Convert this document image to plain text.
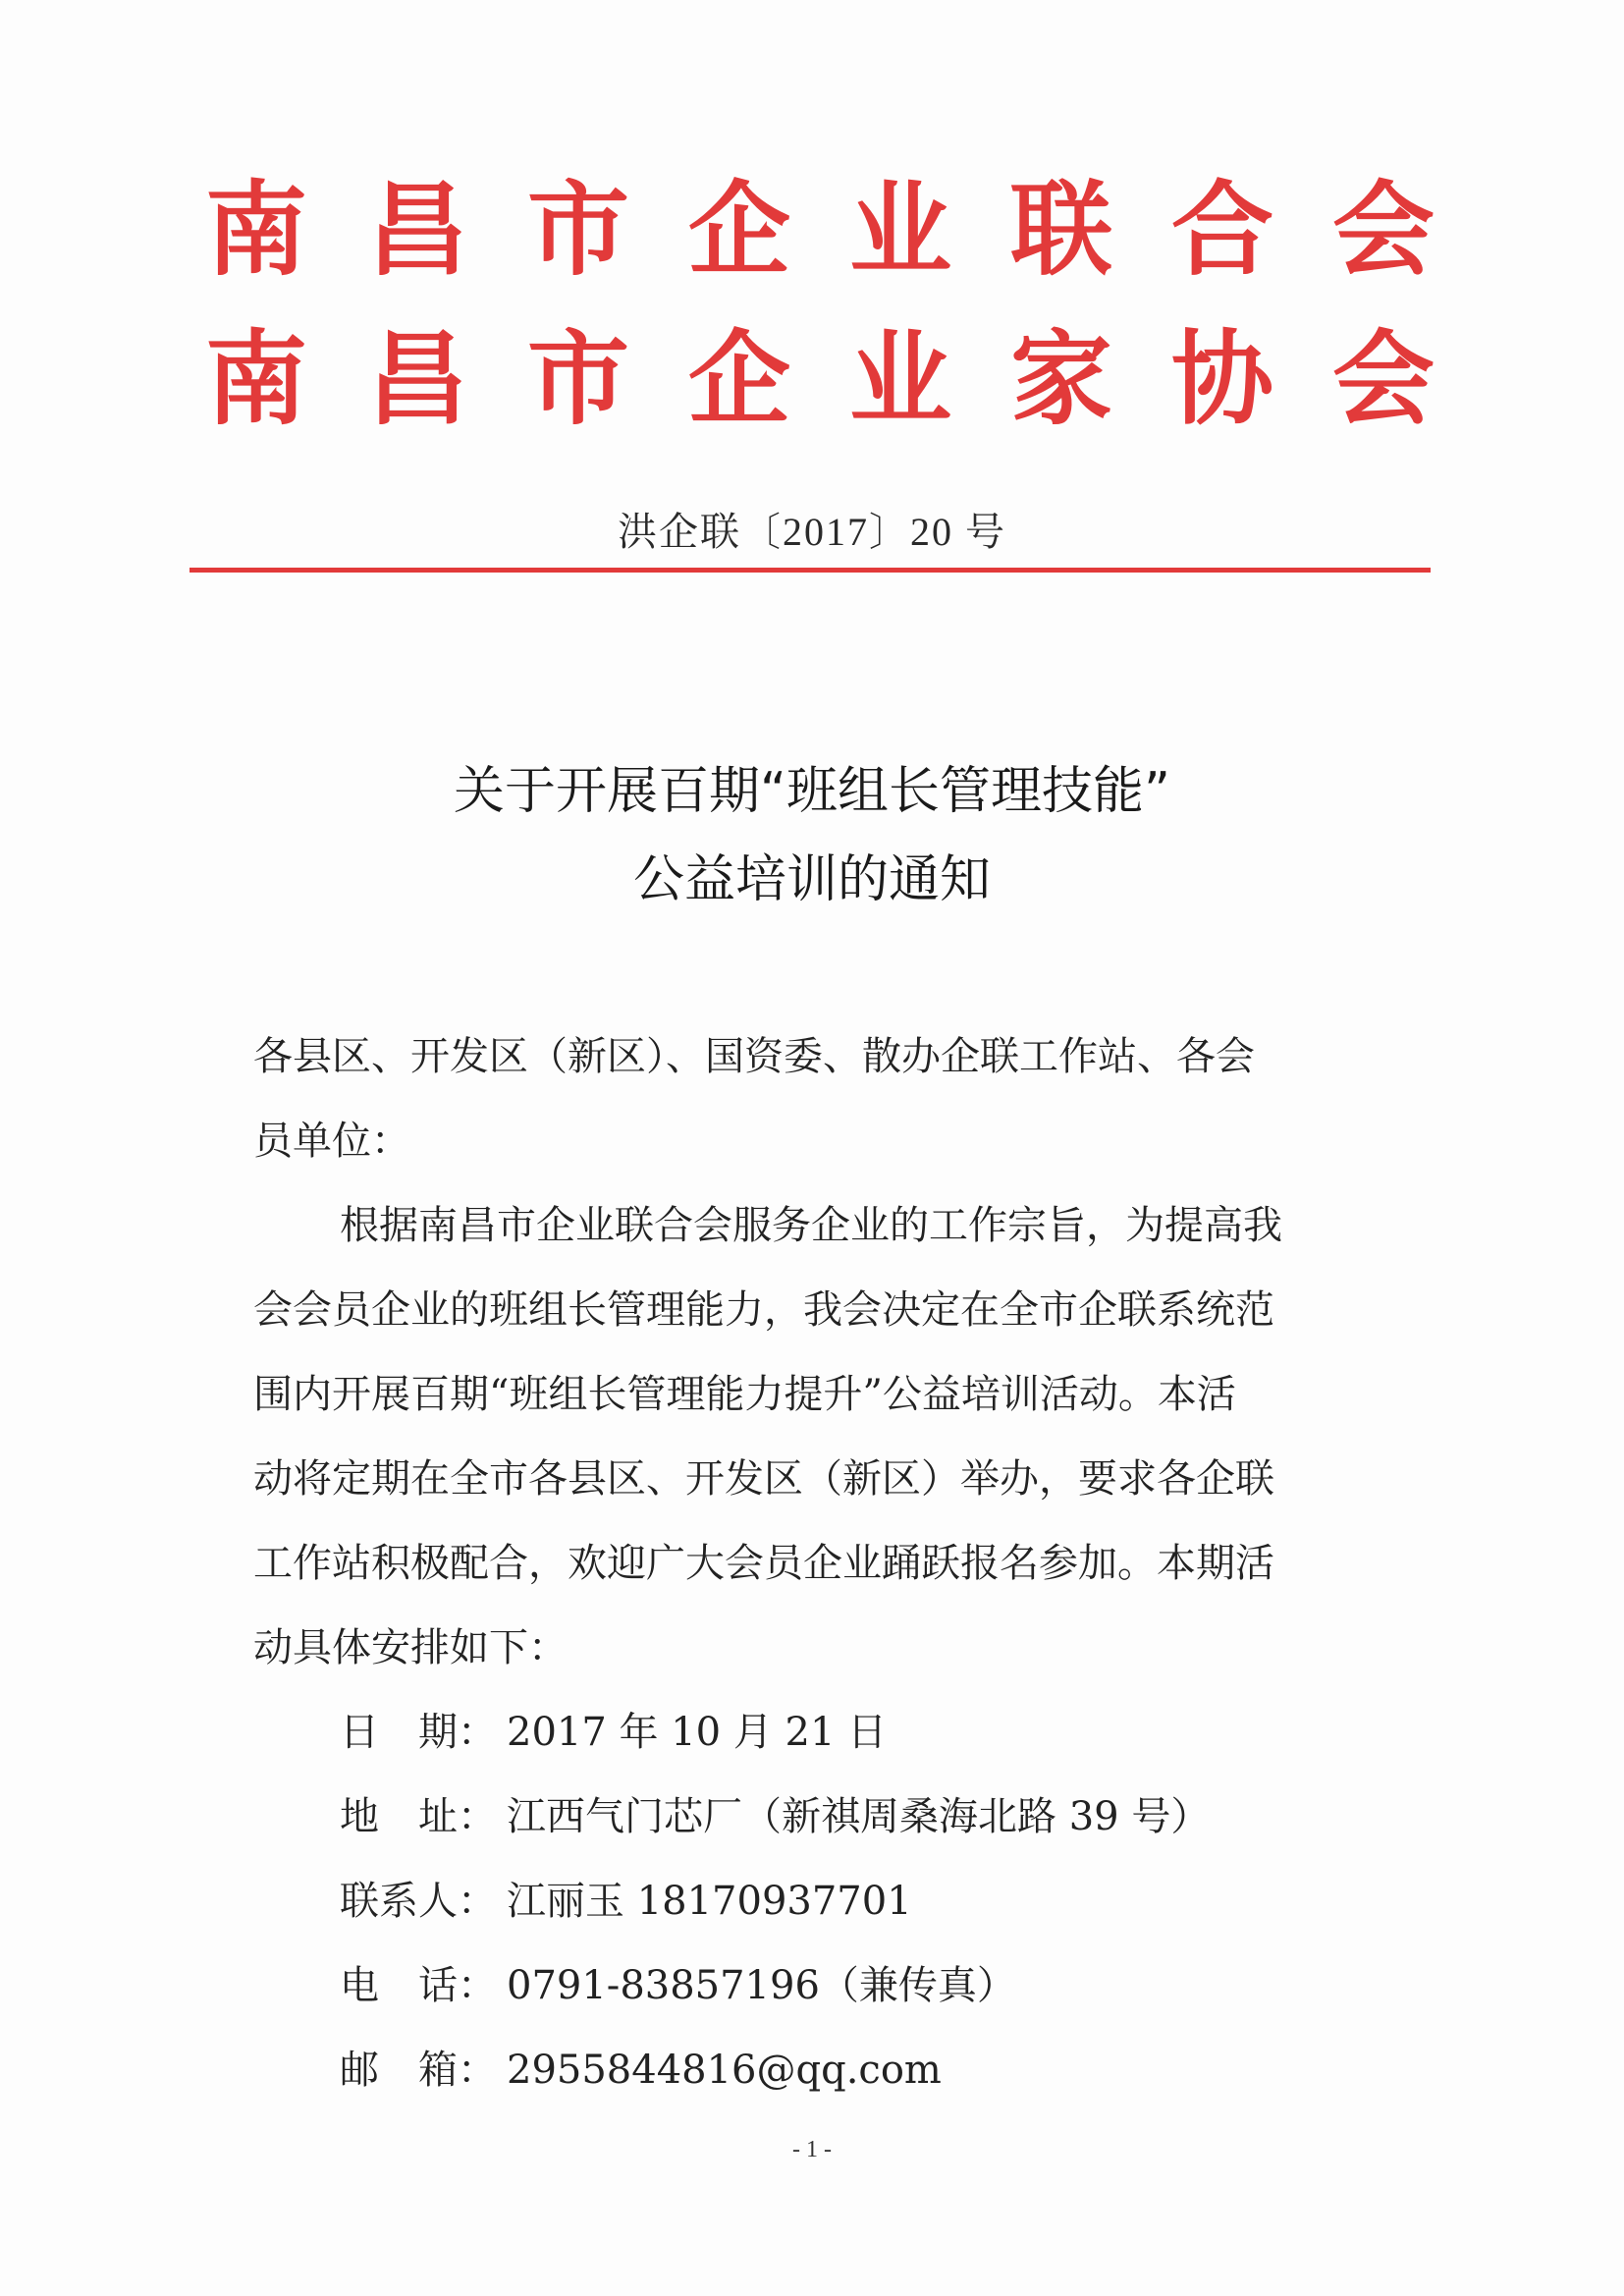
南 昌 市 企 业 联 合 会
南 昌 市 企 业 家 协 会
洪企联〔2017〕20 号
关于开展百期“班组长管理技能”
公益培训的通知
各县区、开发区（新区）、国资委、散办企联工作站、各会
员单位：
根据南昌市企业联合会服务企业的工作宗旨，为提高我
会会员企业的班组长管理能力，我会决定在全市企联系统范
围内开展百期“班组长管理能力提升”公益培训活动。本活
动将定期在全市各县区、开发区（新区）举办，要求各企联
工作站积极配合，欢迎广大会员企业踊跃报名参加。本期活
动具体安排如下：
日　期： 2017 年 10 月 21 日
地　址： 江西气门芯厂（新祺周桑海北路 39 号）
联系人： 江丽玉 18170937701
电　话： 0791-83857196（兼传真）
邮　箱： 2955844816@qq.com
- 1 -
